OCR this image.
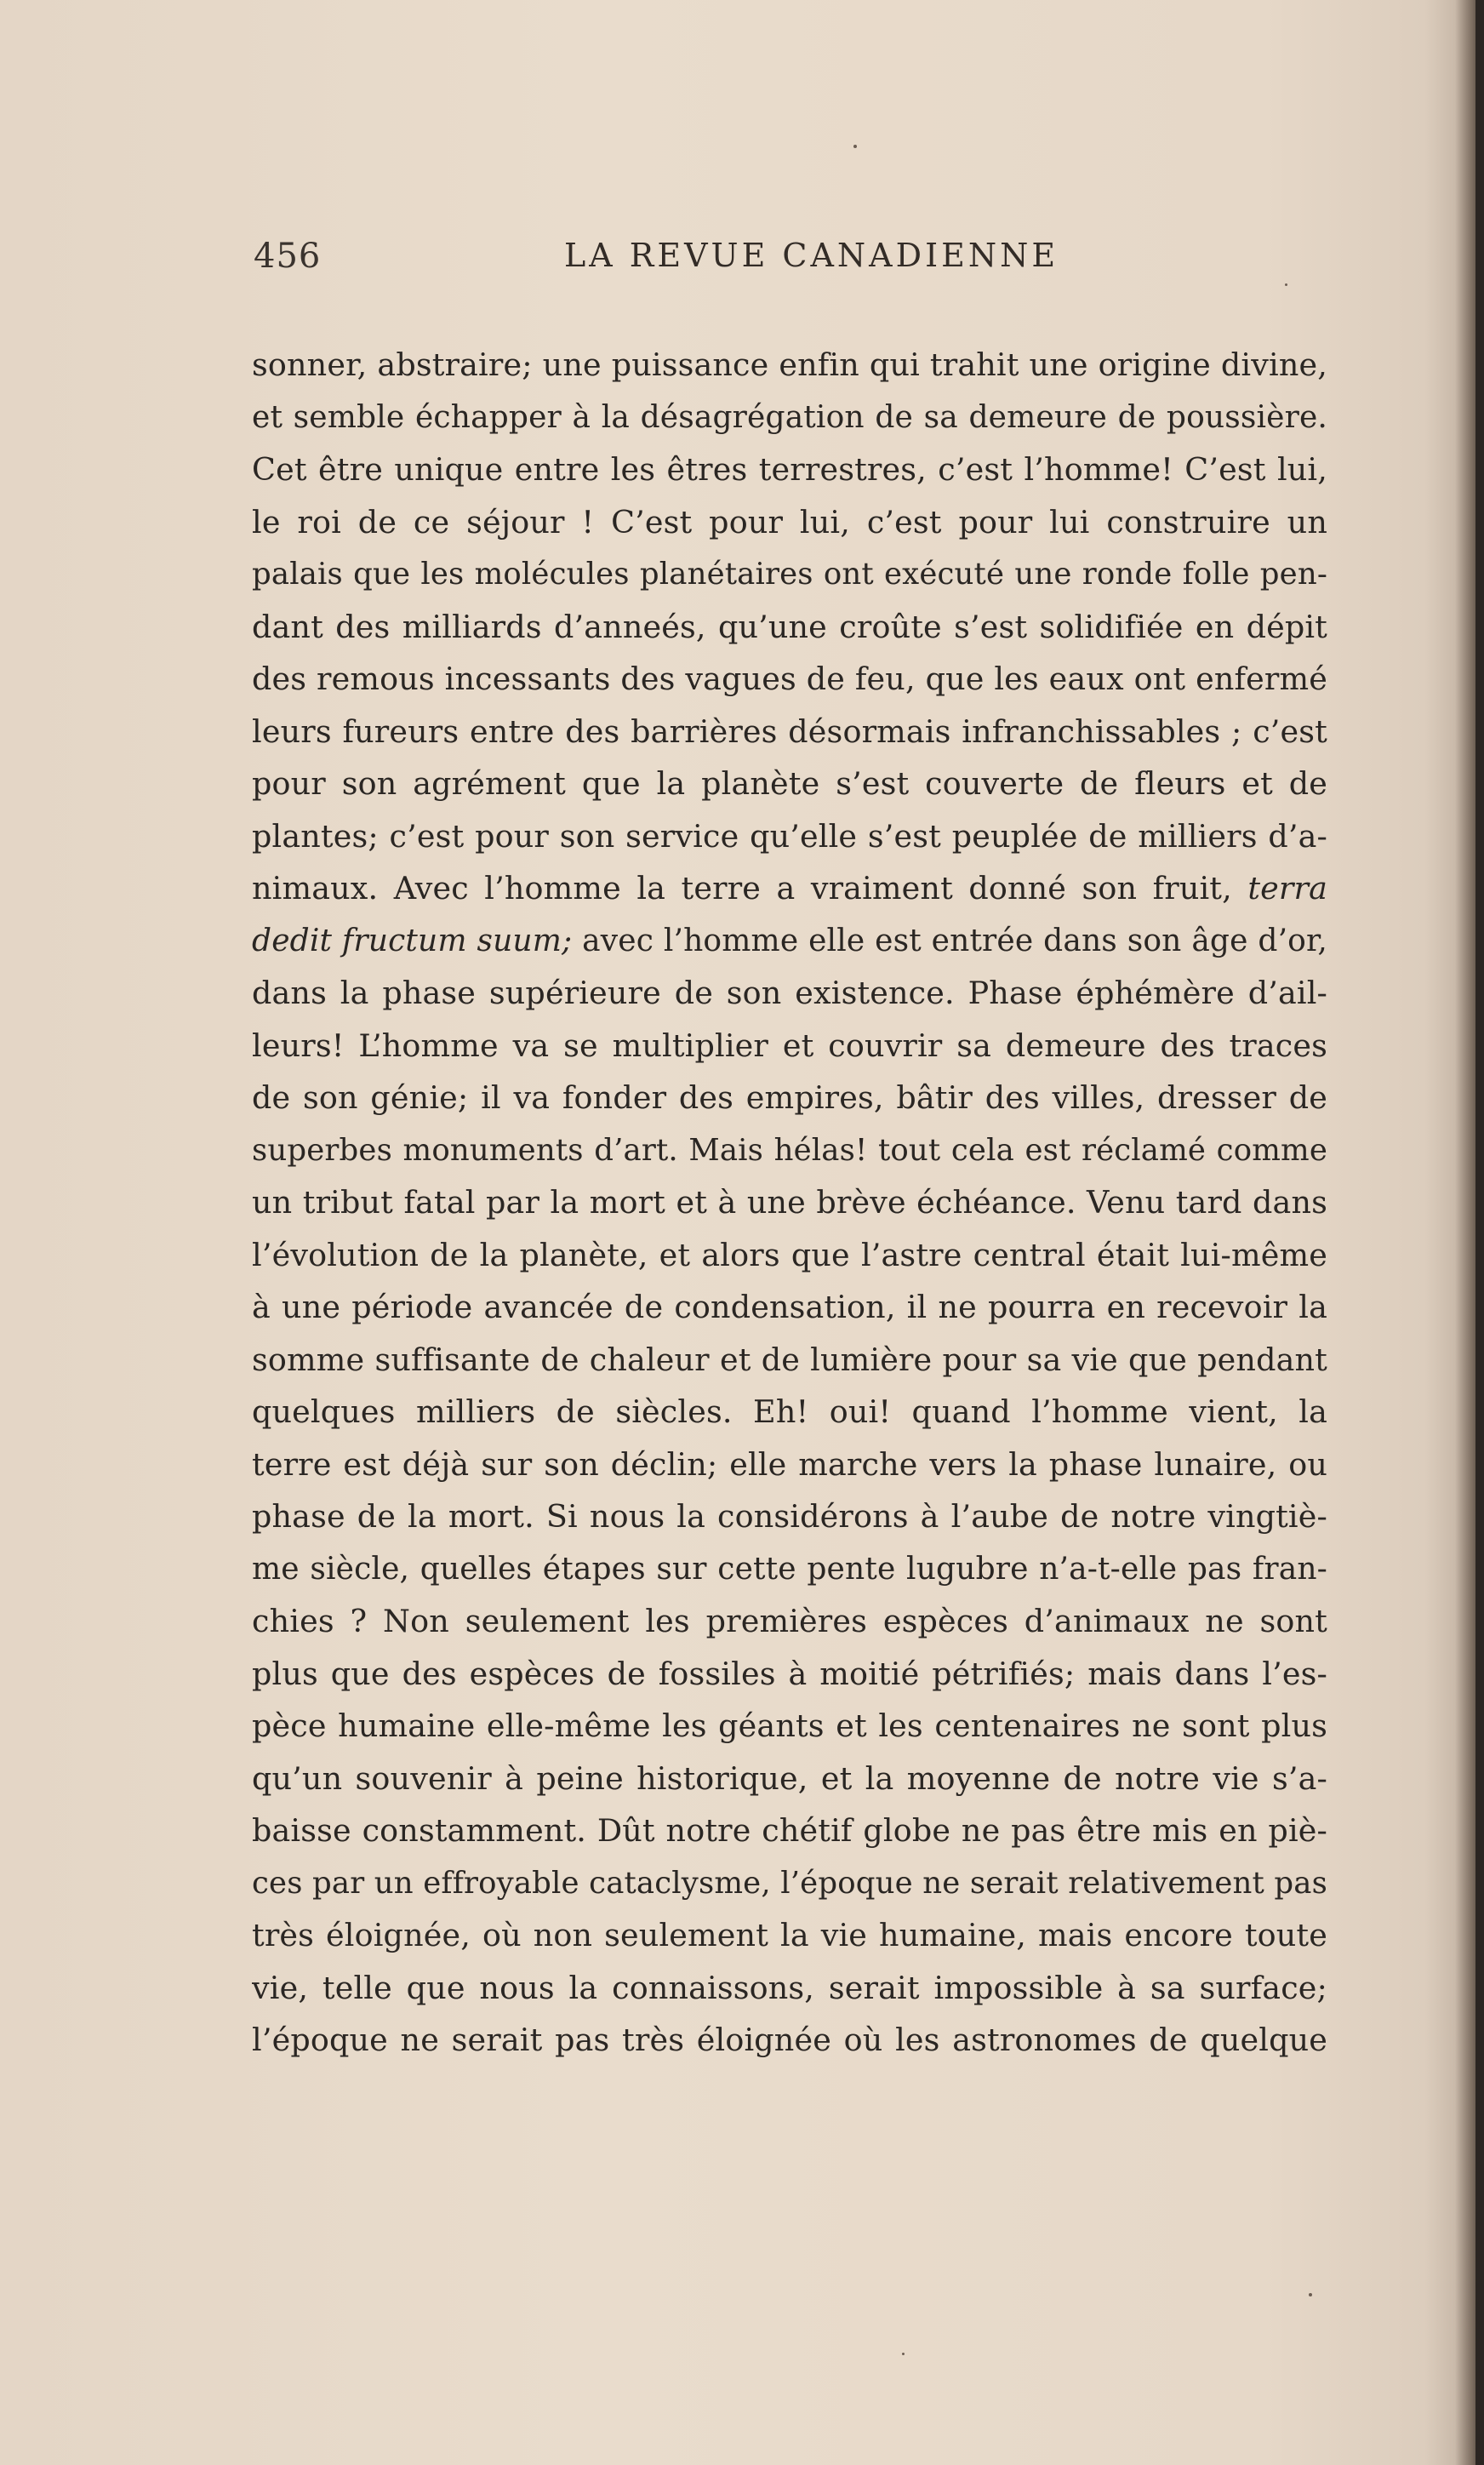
456	LA REVUE CANADIENNE
sonner, abstraire; une puissance enfin qui trahit une origine divine,
et semble échapper à la désagrégation de sa demeure de poussière.
Cet être unique entre les êtres terrestres, c’est l’homme! C’est lui,
le roi de ce séjour ! C’est pour lui, c’est pour lui construire un
palais que les molécules planétaires ont exécuté une ronde folle pen-
dant des milliards d’anneés, qu’une croûte s’est solidifiée en dépit
des remous incessants des vagues de feu, que les eaux ont enfermé
leurs fureurs entre des barrières désormais infranchissables ; c’est
pour son agrément que la planète s’est couverte de fleurs et de
plantes; c’est pour son service qu’elle s’est peuplée de milliers d’a-
nimaux. Avec l’homme la terre a vraiment donné son fruit, terra
dedit fructum suum; avec l’homme elle est entrée dans son âge d’or,
dans la phase supérieure de son existence. Phase éphémère d’ail-
leurs! L’homme va se multiplier et couvrir sa demeure des traces
de son génie; il va fonder des empires, bâtir des villes, dresser de
superbes monuments d’art. Mais hélas! tout cela est réclamé comme
un tribut fatal par la mort et à une brève échéance. Venu tard dans
l’évolution de la planète, et alors que l’astre central était lui-même
à une période avancée de condensation, il ne pourra en recevoir la
somme suffisante de chaleur et de lumière pour sa vie que pendant
quelques milliers de siècles. Eh! oui! quand l’homme vient, la
terre est déjà sur son déclin; elle marche vers la phase lunaire, ou
phase de la mort. Si nous la considérons à l’aube de notre vingtiè-
me siècle, quelles étapes sur cette pente lugubre n’a-t-elle pas fran-
chies ? Non seulement les premières espèces d’animaux ne sont
plus que des espèces de fossiles à moitié pétrifiés; mais dans l’es-
pèce humaine elle-même les géants et les centenaires ne sont plus
qu’un souvenir à peine historique, et la moyenne de notre vie s’a-
baisse constamment. Dût notre chétif globe ne pas être mis en piè-
ces par un effroyable cataclysme, l’époque ne serait relativement pas
très éloignée, où non seulement la vie humaine, mais encore toute
vie, telle que nous la connaissons, serait impossible à sa surface;
l’époque ne serait pas très éloignée où les astronomes de quelque
